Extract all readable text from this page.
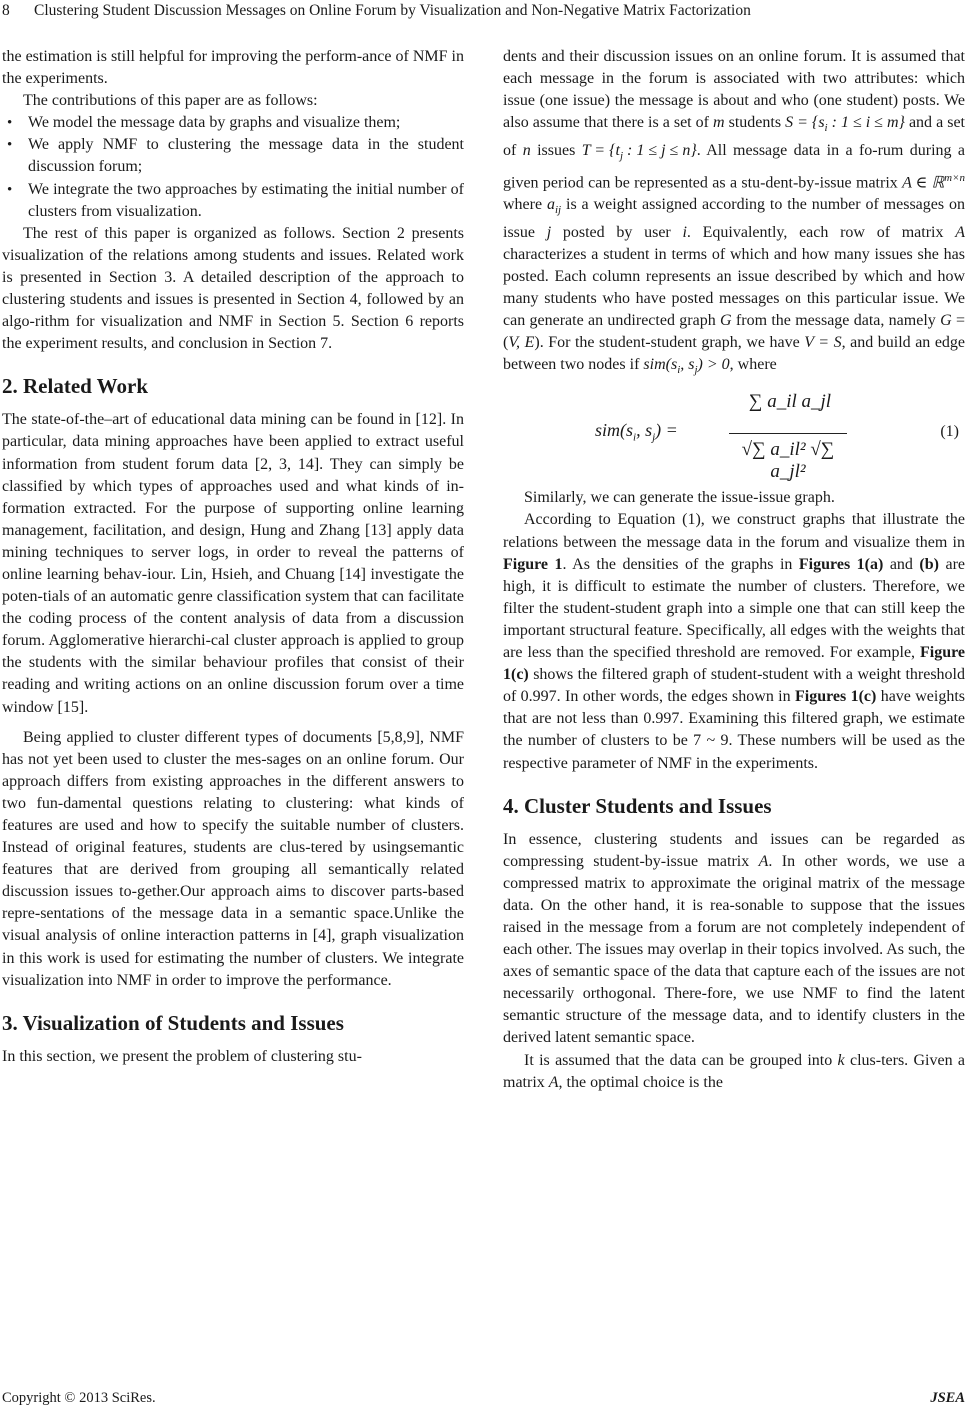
8 Clustering Student Discussion Messages on Online Forum by Visualization and Non-Negative Matrix Factorization

the estimation is still helpful for improving the perform-ance of NMF in the experiments.

The contributions of this paper are as follows:

• We model the message data by graphs and visualize them;
• We apply NMF to clustering the message data in the student discussion forum;
• We integrate the two approaches by estimating the initial number of clusters from visualization.

The rest of this paper is organized as follows. Section 2 presents visualization of the relations among students and issues. Related work is presented in Section 3. A detailed description of the approach to clustering students and issues is presented in Section 4, followed by an algo-rithm for visualization and NMF in Section 5. Section 6 reports the experiment results, and conclusion in Section 7.

2. Related Work

The state-of-the–art of educational data mining can be found in [12]. In particular, data mining approaches have been applied to extract useful information from student forum data [2, 3, 14]. They can simply be classified by which types of approaches used and what kinds of in-formation extracted. For the purpose of supporting online learning management, facilitation, and design, Hung and Zhang [13] apply data mining techniques to server logs, in order to reveal the patterns of online learning behav-iour. Lin, Hsieh, and Chuang [14] investigate the poten-tials of an automatic genre classification system that can facilitate the coding process of the content analysis of data from a discussion forum. Agglomerative hierarchi-cal cluster approach is applied to group the students with the similar behaviour profiles that consist of their reading and writing actions on an online discussion forum over a time window [15].

Being applied to cluster different types of documents [5,8,9], NMF has not yet been used to cluster the mes-sages on an online forum. Our approach differs from existing approaches in the different answers to two fun-damental questions relating to clustering: what kinds of features are used and how to specify the suitable number of clusters. Instead of original features, students are clus-tered by usingsemantic features that are derived from grouping all semantically related discussion issues to-gether.Our approach aims to discover parts-based repre-sentations of the message data in a semantic space.Unlike the visual analysis of online interaction patterns in [4], graph visualization in this work is used for estimating the number of clusters. We integrate visualization into NMF in order to improve the performance.

3. Visualization of Students and Issues

In this section, we present the problem of clustering stu-

dents and their discussion issues on an online forum. It is assumed that each message in the forum is associated with two attributes: which issue (one issue) the message is about and who (one student) posts. We also assume that there is a set of m students $S = \{s_i$ : 1 ≤ i ≤ m} and a set of n issues $T = \{t_j$ : 1 ≤ j ≤ n}. All message data in a fo-rum during a given period can be represented as a stu-dent-by-issue matrix A ∈ ℝ$^{m\times n}$ where $a_{ij}$ is a weight assigned according to the number of messages on issue j posted by user i. Equivalently, each row of matrix A characterizes a student in terms of which and how many issues she has posted. Each column represents an issue described by which and how many students who have posted messages on this particular issue. We can generate an undirected graph G from the message data, namely G = (V, E). For the student-student graph, we have V = S, and build an edge between two nodes if $sim(s_i$, $s_j) > 0$, where

$sim(s_i$, $s_j$) =
∑ a_il a_jl
√∑ a_il² √∑ a_jl²
(1)

Similarly, we can generate the issue-issue graph.

According to Equation (1), we construct graphs that illustrate the relations between the message data in the forum and visualize them in Figure 1. As the densities of the graphs in Figures 1(a) and (b) are high, it is difficult to estimate the number of clusters. Therefore, we filter the student-student graph into a simple one that can still keep the important structural feature. Specifically, all edges with the weights that are less than the specified threshold are removed. For example, Figure 1(c) shows the filtered graph of student-student with a weight threshold of 0.997. In other words, the edges shown in Figures 1(c) have weights that are not less than 0.997. Examining this filtered graph, we estimate the number of clusters to be 7 ~ 9. These numbers will be used as the respective parameter of NMF in the experiments.

4. Cluster Students and Issues

In essence, clustering students and issues can be regarded as compressing student-by-issue matrix A. In other words, we use a compressed matrix to approximate the original matrix of the message data. On the other hand, it is rea-sonable to suppose that the issues raised in the message from a forum are not completely independent of each other. The issues may overlap in their topics involved. As such, the axes of semantic space of the data that capture each of the issues are not necessarily orthogonal. There-fore, we use NMF to find the latent semantic structure of the message data, and to identify clusters in the derived latent semantic space.

It is assumed that the data can be grouped into k clus-ters. Given a matrix A, the optimal choice is the

Copyright © 2013 SciRes.	JSEA
